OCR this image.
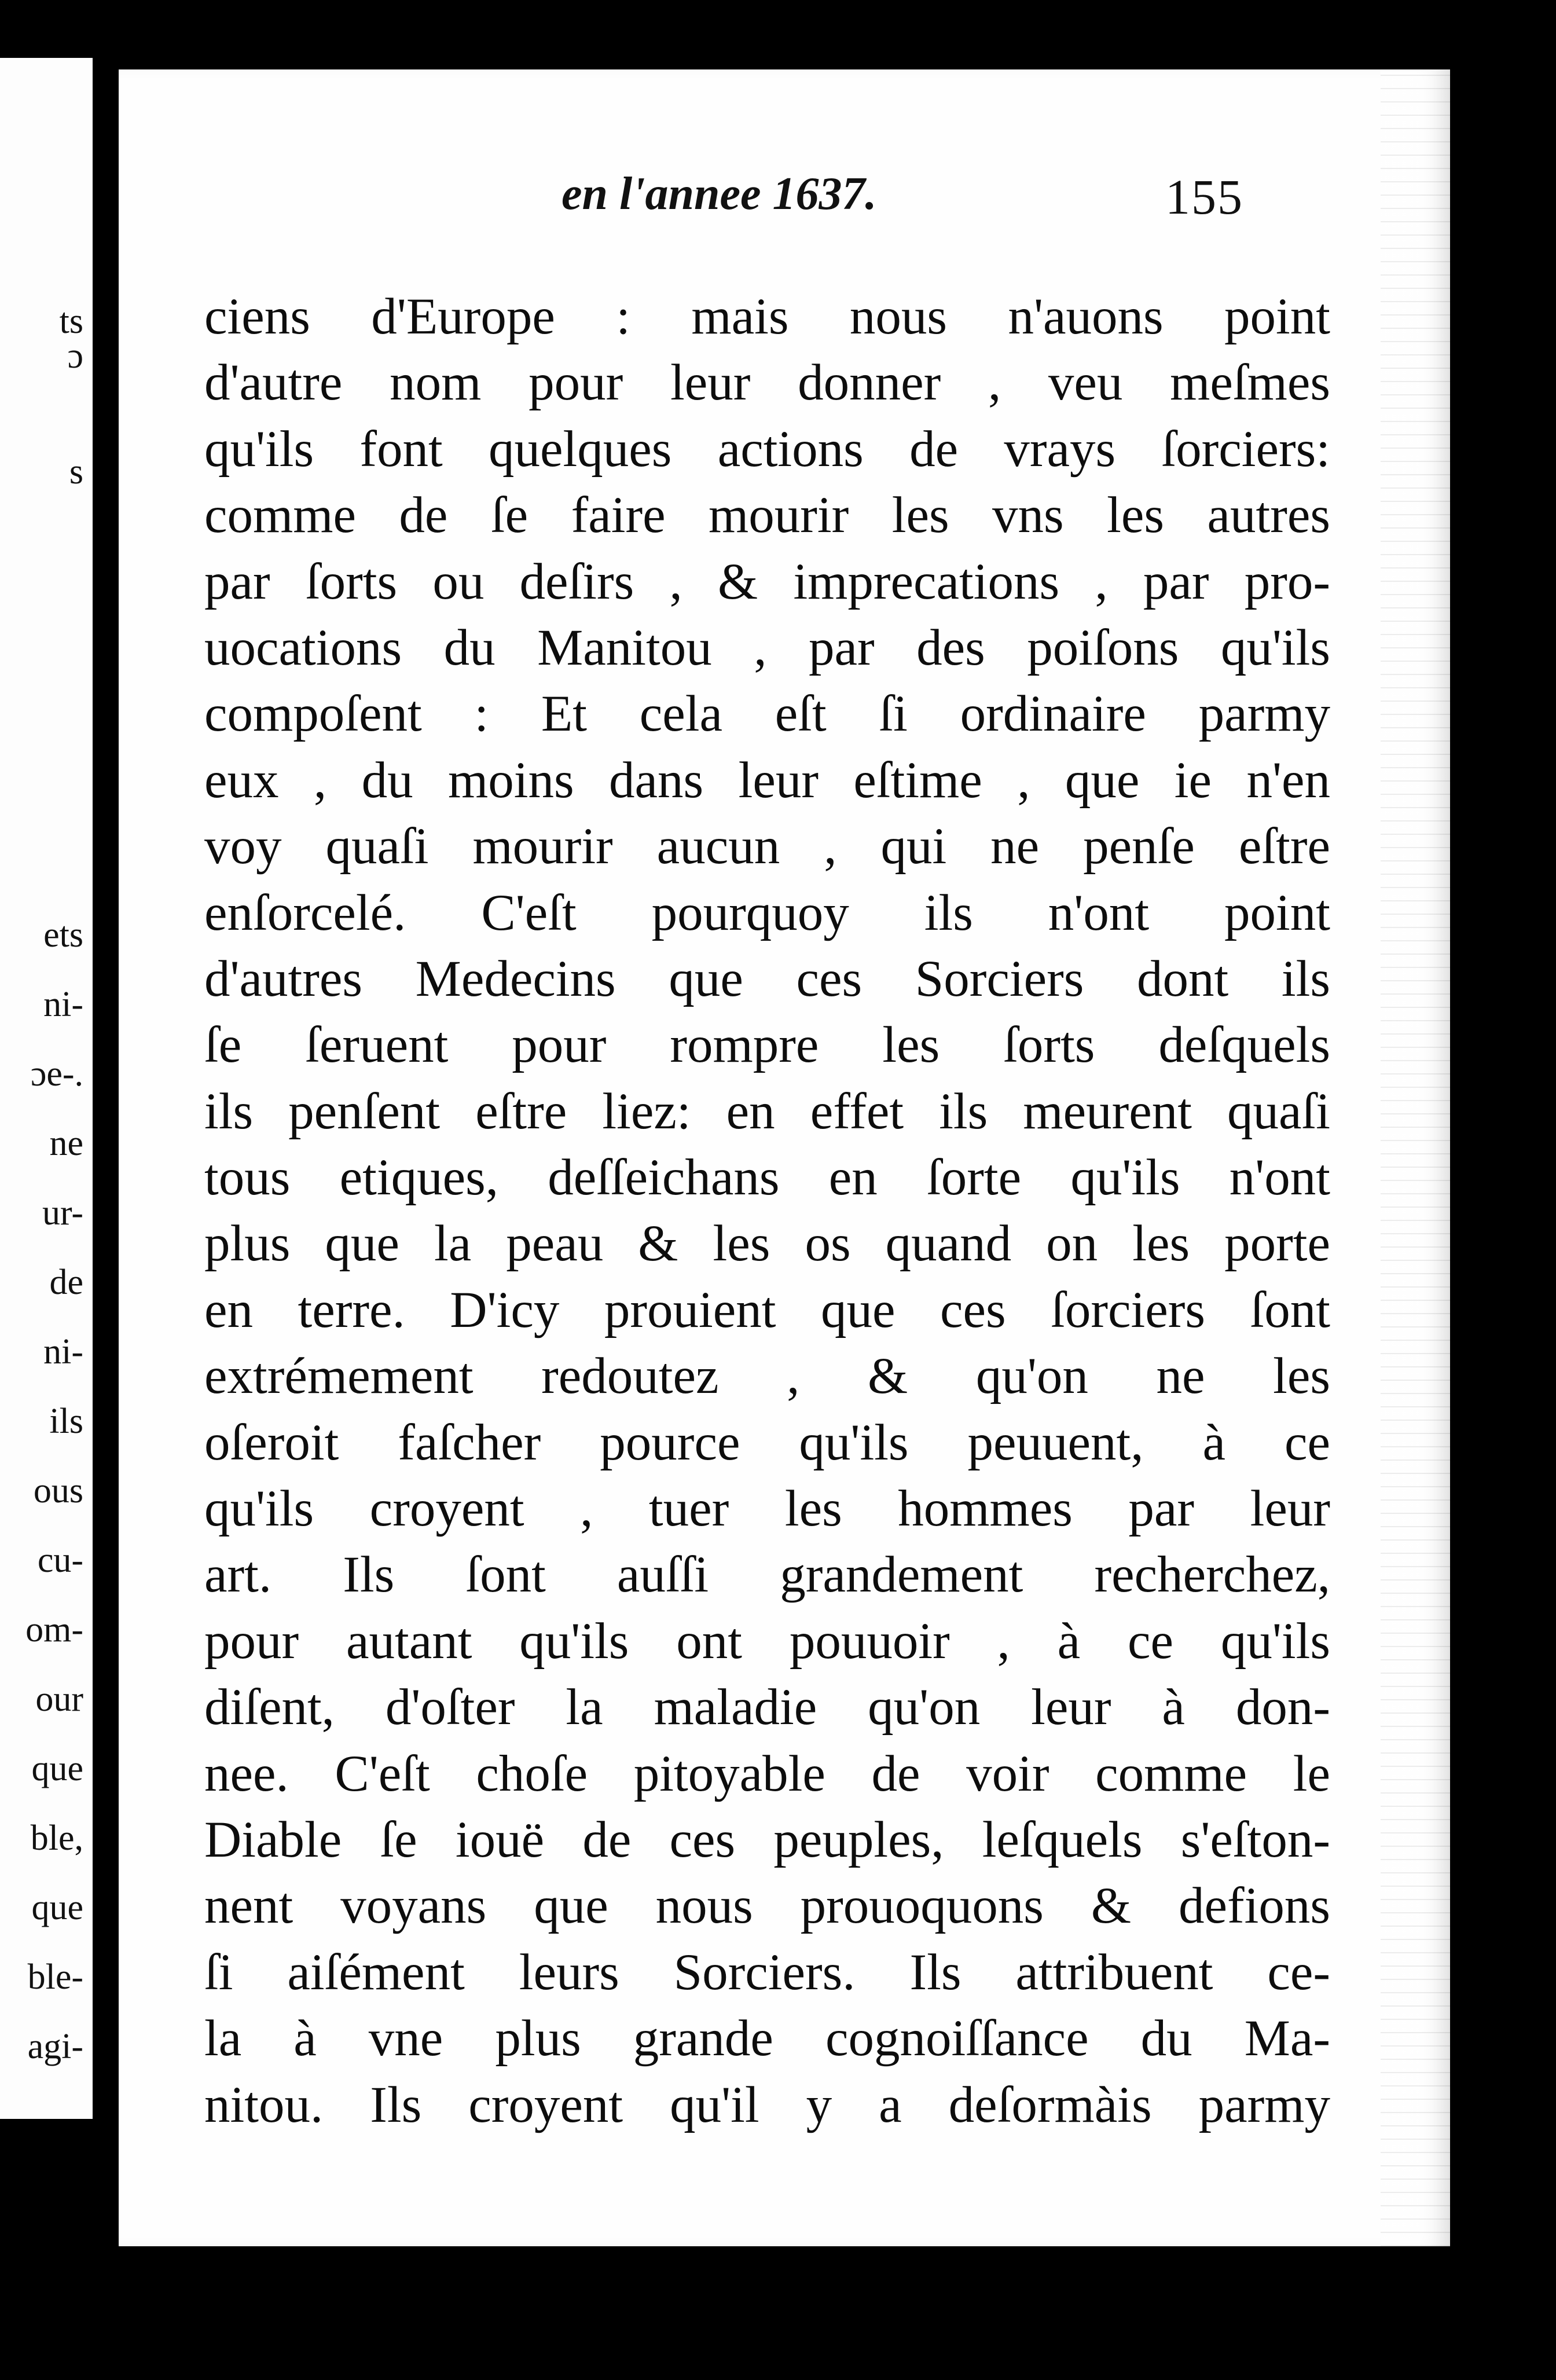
ts
ɔ
s
ets
ni-
ɔe-.
ne
ur-
de
ni-
ils
ous
cu-
om-
our
que
ble,
que
ble-
agi-
en l'annee 1637.	155
ciens d'Europe : mais nous n'auons point
d'autre nom pour leur donner , veu meſmes
qu'ils font quelques actions de vrays ſorciers:
comme de ſe faire mourir les vns les autres
par ſorts ou deſirs , & imprecations , par pro-
uocations du Manitou , par des poiſons qu'ils
compoſent : Et cela eſt ſi ordinaire parmy
eux , du moins dans leur eſtime , que ie n'en
voy quaſi mourir aucun , qui ne penſe eſtre
enſorcelé. C'eſt pourquoy ils n'ont point
d'autres Medecins que ces Sorciers dont ils
ſe ſeruent pour rompre les ſorts deſquels
ils penſent eſtre liez: en effet ils meurent quaſi
tous etiques, deſſeichans en ſorte qu'ils n'ont
plus que la peau & les os quand on les porte
en terre. D'icy prouient que ces ſorciers ſont
extrémement redoutez , & qu'on ne les
oſeroit faſcher pource qu'ils peuuent, à ce
qu'ils croyent , tuer les hommes par leur
art. Ils ſont auſſi grandement recherchez,
pour autant qu'ils ont pouuoir , à ce qu'ils
diſent, d'oſter la maladie qu'on leur à don-
nee. C'eſt choſe pitoyable de voir comme le
Diable ſe iouë de ces peuples, leſquels s'eſton-
nent voyans que nous prouoquons & defions
ſi aiſément leurs Sorciers. Ils attribuent ce-
la à vne plus grande cognoiſſance du Ma-
nitou. Ils croyent qu'il y a deſormàis parmy
